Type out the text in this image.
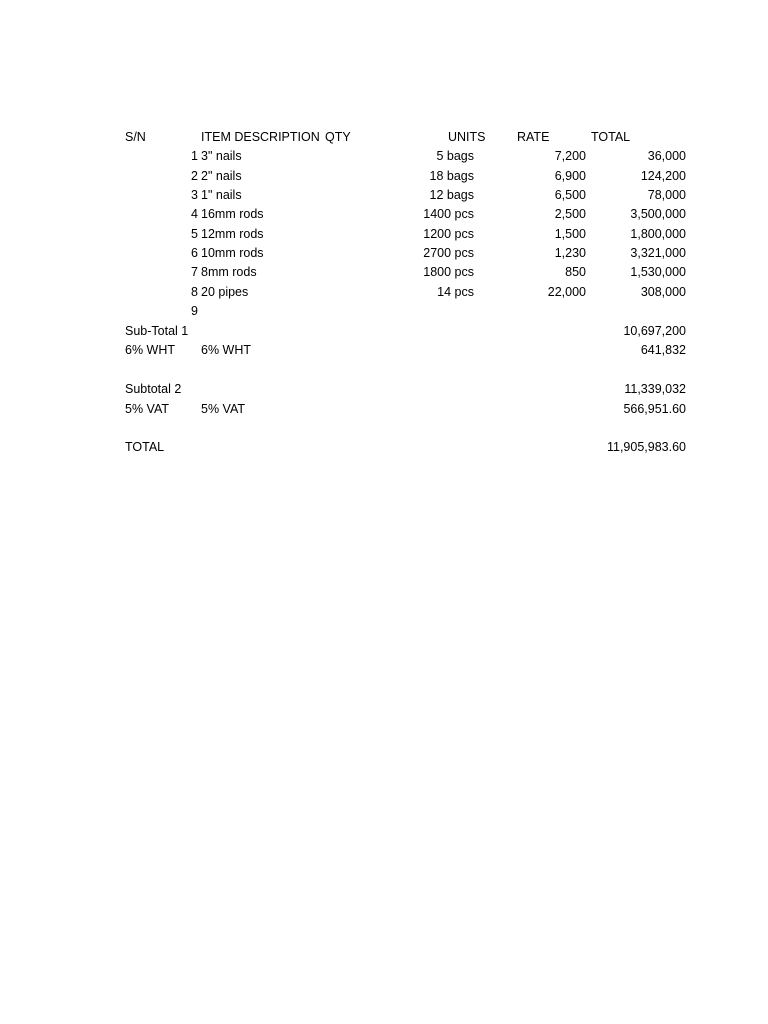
S/N	ITEM DESCRIPTION QTY	UNITS	RATE	TOTAL
1 3" nails	5 bags	7,200	36,000
2 2" nails	18 bags	6,900	124,200
3 1" nails	12 bags	6,500	78,000
4 16mm rods	1400 pcs	2,500	3,500,000
5 12mm rods	1200 pcs	1,500	1,800,000
6 10mm rods	2700 pcs	1,230	3,321,000
7 8mm rods	1800 pcs	850	1,530,000
8 20 pipes	14 pcs	22,000	308,000
9
Sub-Total 1	10,697,200
6% WHT 6% WHT	641,832
Subtotal 2	11,339,032
5% VAT	5% VAT	566,951.60
TOTAL	11,905,983.60
